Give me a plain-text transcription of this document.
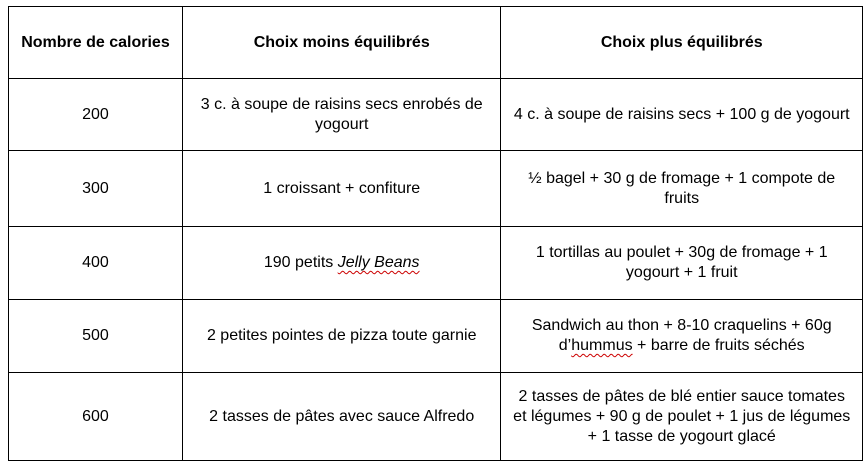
Nombre de calories	Choix moins équilibrés	Choix plus équilibrés
200	3 c. à soupe de raisins secs enrobés de yogourt	4 c. à soupe de raisins secs + 100 g de yogourt
300	1 croissant + confiture	½ bagel + 30 g de fromage + 1 compote de fruits
400	190 petits Jelly Beans	1 tortillas au poulet + 30g de fromage + 1 yogourt + 1 fruit
500	2 petites pointes de pizza toute garnie	Sandwich au thon + 8-10 craquelins + 60g d’hummus + barre de fruits séchés
600	2 tasses de pâtes avec sauce Alfredo	2 tasses de pâtes de blé entier sauce tomates et légumes + 90 g de poulet + 1 jus de légumes + 1 tasse de yogourt glacé
